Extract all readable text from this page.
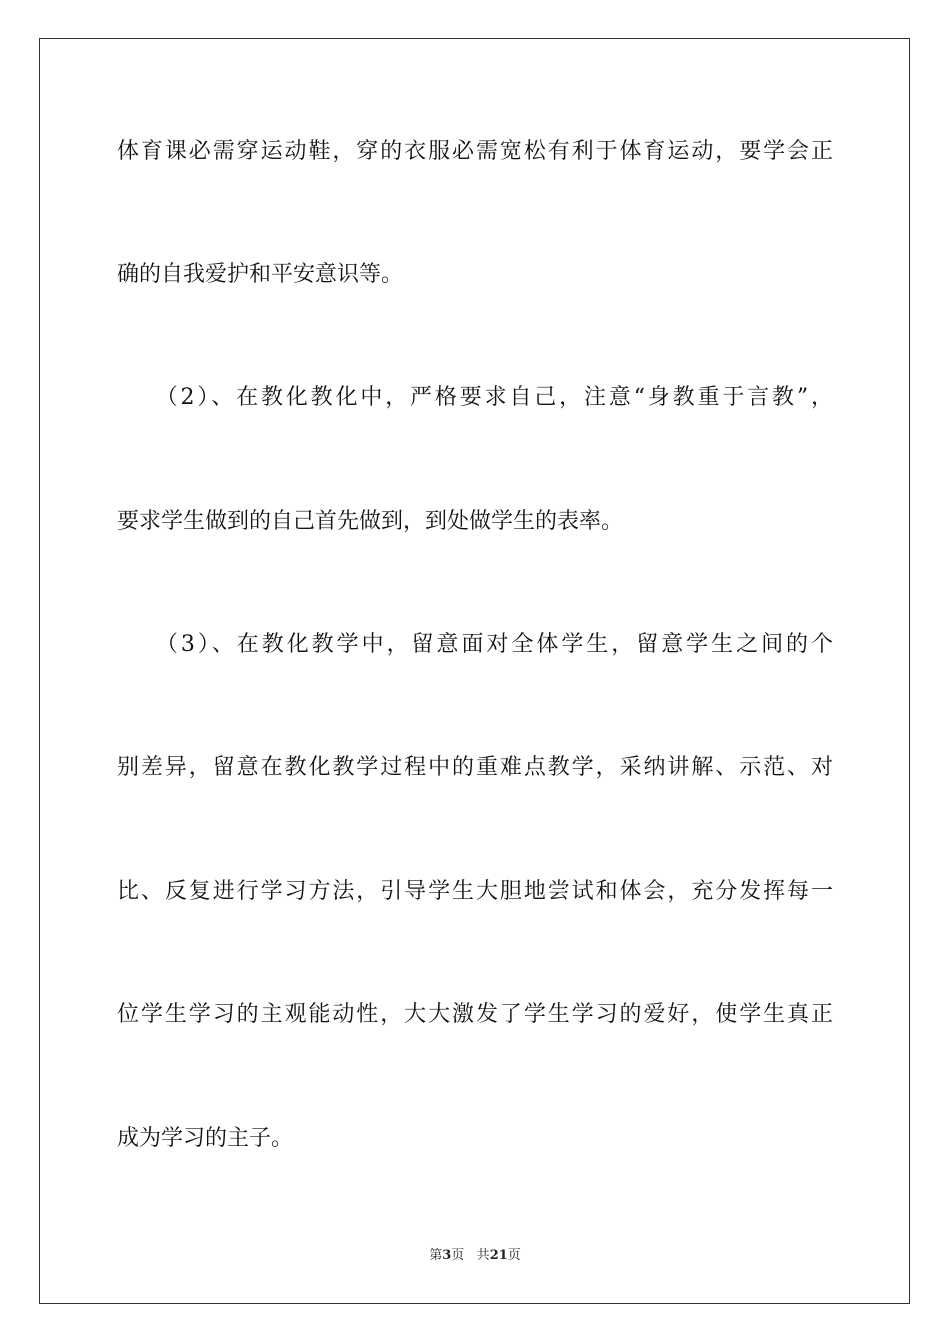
体育课必需穿运动鞋，穿的衣服必需宽松有利于体育运动，要学会正
确的自我爱护和平安意识等。
　　（2）、在教化教化中，严格要求自己，注意“身教重于言教”，
要求学生做到的自己首先做到，到处做学生的表率。
　　（3）、在教化教学中，留意面对全体学生，留意学生之间的个
别差异，留意在教化教学过程中的重难点教学，采纳讲解、示范、对
比、反复进行学习方法，引导学生大胆地尝试和体会，充分发挥每一
位学生学习的主观能动性，大大激发了学生学习的爱好，使学生真正
成为学习的主子。
第3页 共21页
